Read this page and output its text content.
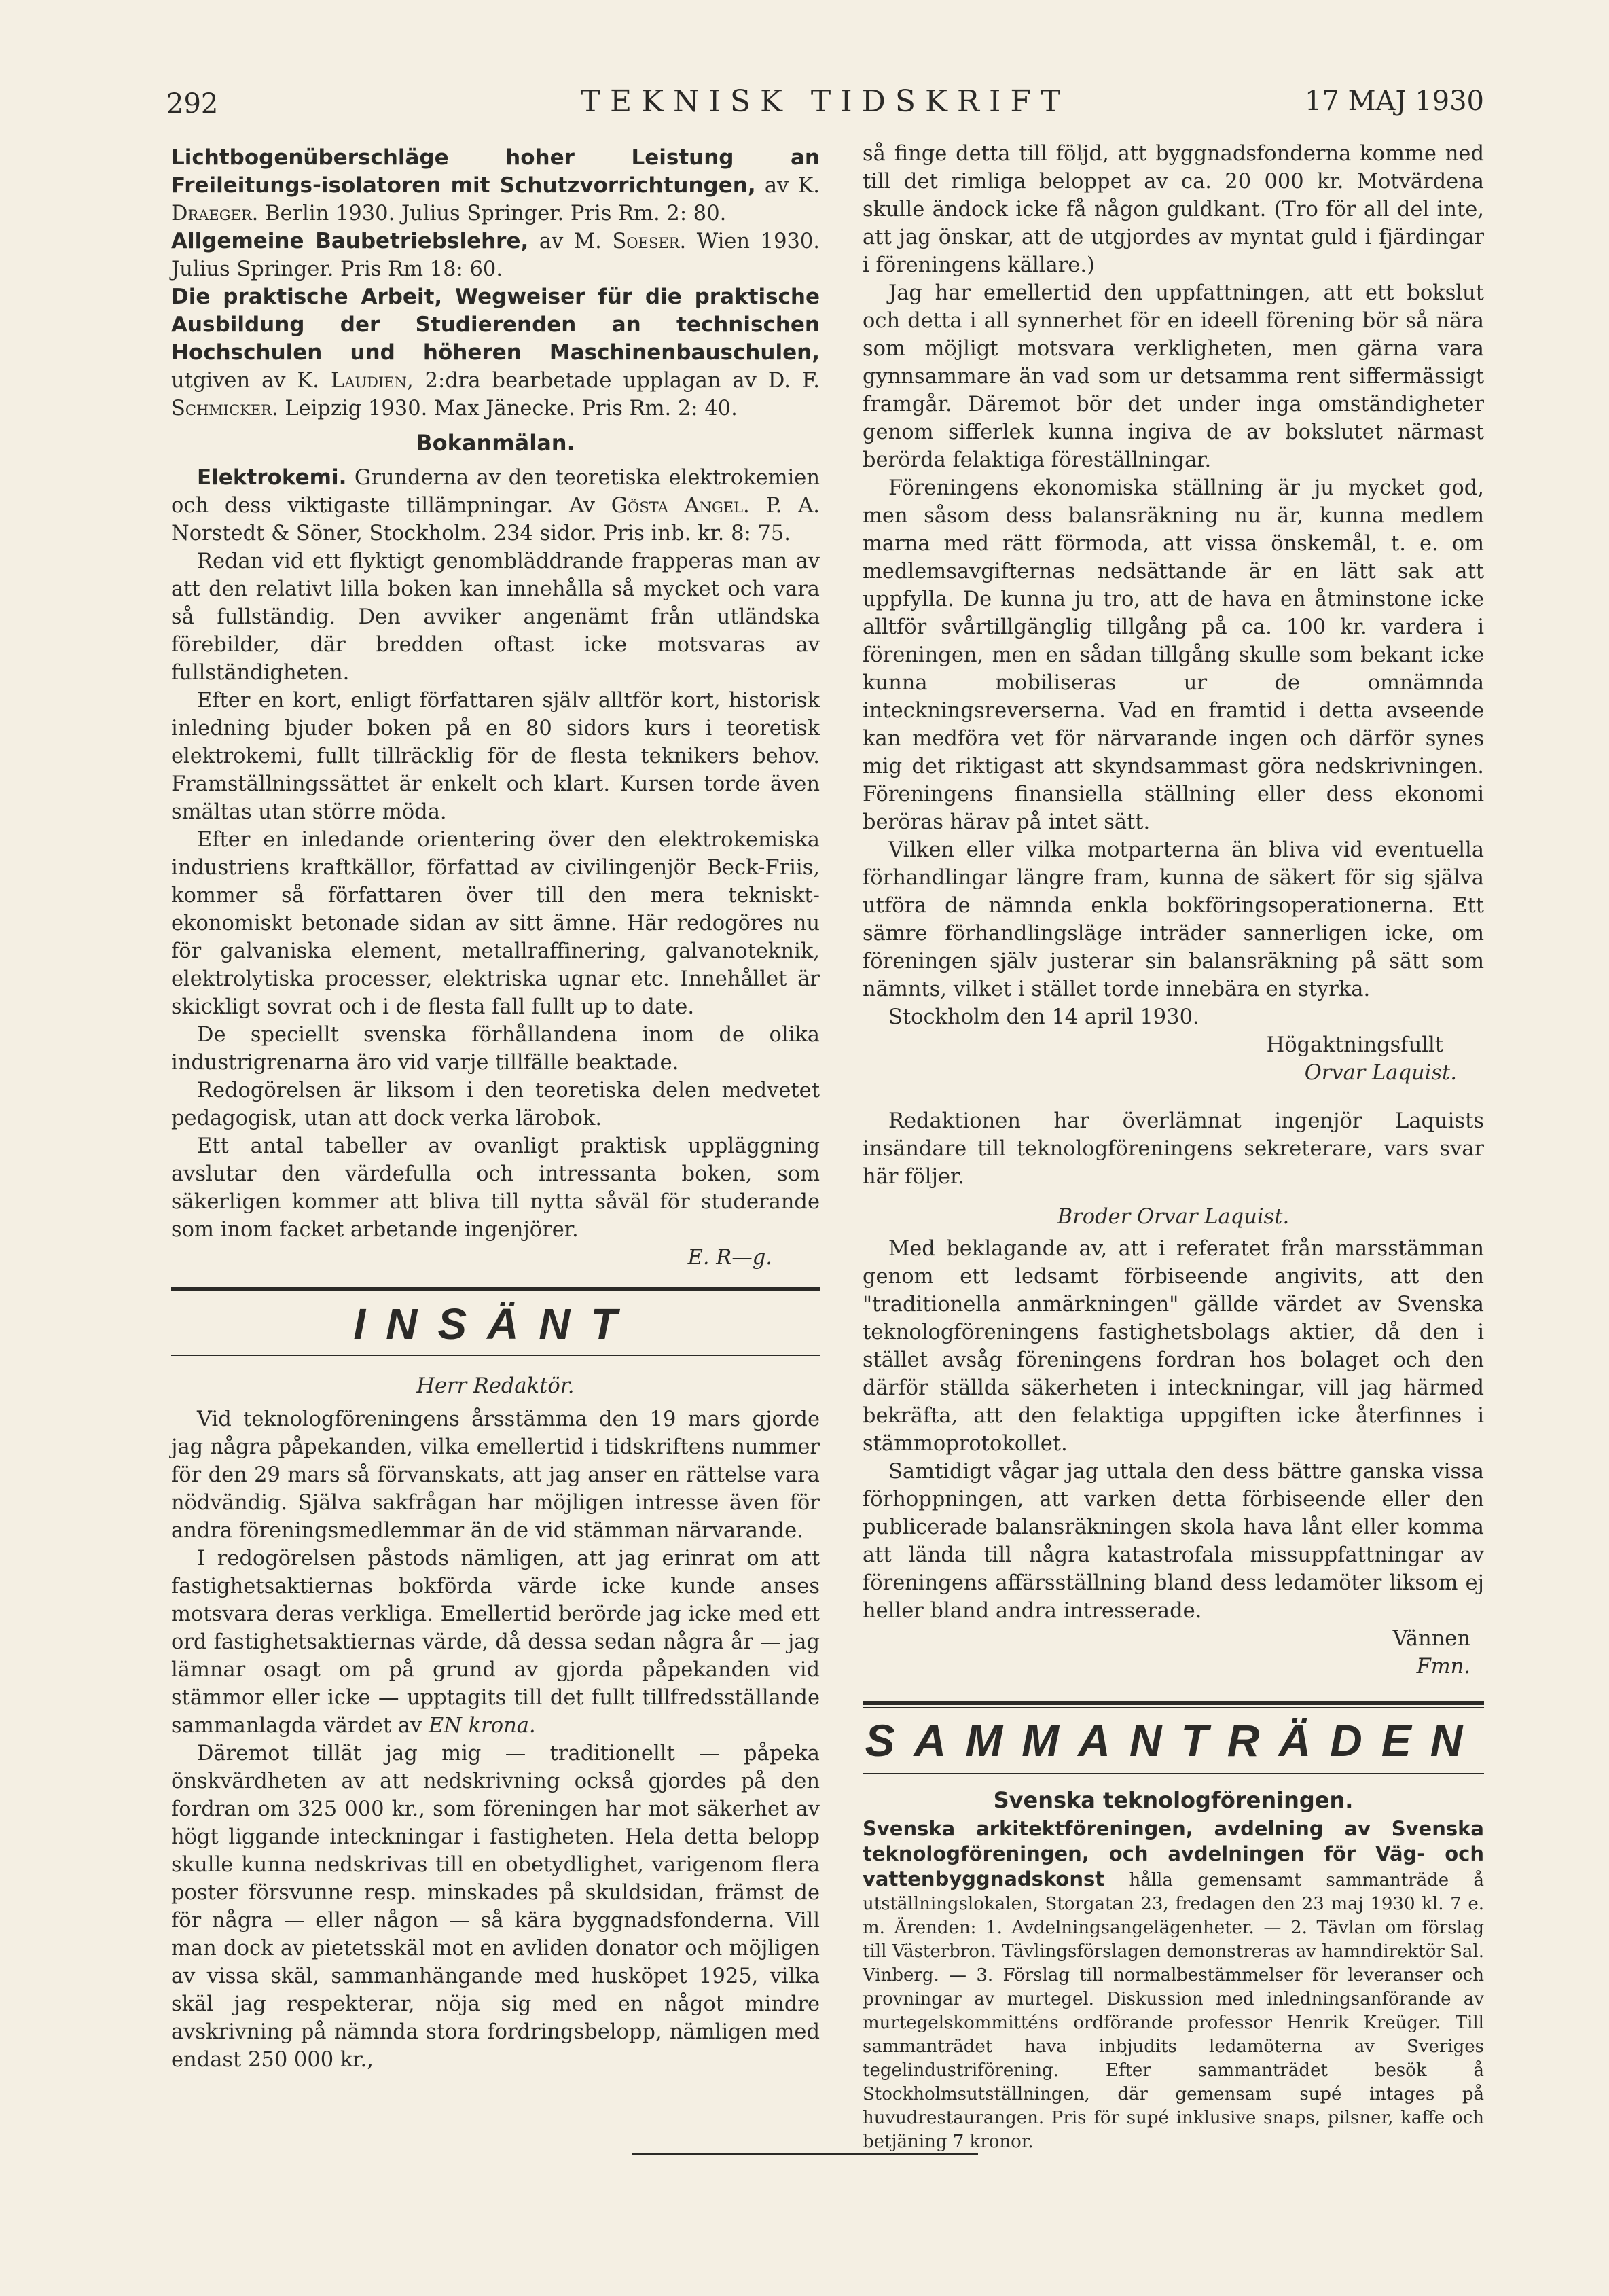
292	TEKNISK TIDSKRIFT	17 MAJ 1930

Lichtbogenüberschläge hoher Leistung an Freileitungs-isolatoren mit Schutzvorrichtungen, av K. Draeger. Berlin 1930. Julius Springer. Pris Rm. 2: 80.

Allgemeine Baubetriebslehre, av M. Soeser. Wien 1930. Julius Springer. Pris Rm 18: 60.

Die praktische Arbeit, Wegweiser für die praktische Ausbildung der Studierenden an technischen Hochschulen und höheren Maschinenbauschulen, utgiven av K. Laudien, 2:dra bearbetade upplagan av D. F. Schmicker. Leipzig 1930. Max Jänecke. Pris Rm. 2: 40.

Bokanmälan.

Elektrokemi. Grunderna av den teoretiska elektrokemien och dess viktigaste tillämpningar. Av Gösta Angel. P. A. Norstedt & Söner, Stockholm. 234 sidor. Pris inb. kr. 8: 75.

Redan vid ett flyktigt genombläddrande frapperas man av att den relativt lilla boken kan innehålla så mycket och vara så fullständig. Den avviker angenämt från utländska förebilder, där bredden oftast icke motsvaras av fullständigheten.

Efter en kort, enligt författaren själv alltför kort, historisk inledning bjuder boken på en 80 sidors kurs i teoretisk elektrokemi, fullt tillräcklig för de flesta teknikers behov. Framställningssättet är enkelt och klart. Kursen torde även smältas utan större möda.

Efter en inledande orientering över den elektrokemiska industriens kraftkällor, författad av civilingenjör Beck-Friis, kommer så författaren över till den mera tekniskt-ekonomiskt betonade sidan av sitt ämne. Här redogöres nu för galvaniska element, metallraffinering, galvanoteknik, elektrolytiska processer, elektriska ugnar etc. Innehållet är skickligt sovrat och i de flesta fall fullt up to date.

De speciellt svenska förhållandena inom de olika industrigrenarna äro vid varje tillfälle beaktade.

Redogörelsen är liksom i den teoretiska delen medvetet pedagogisk, utan att dock verka lärobok.

Ett antal tabeller av ovanligt praktisk uppläggning avslutar den värdefulla och intressanta boken, som säkerligen kommer att bliva till nytta såväl för studerande som inom facket arbetande ingenjörer.

E. R—g.

INSÄNT

Herr Redaktör.

Vid teknologföreningens årsstämma den 19 mars gjorde jag några påpekanden, vilka emellertid i tidskriftens nummer för den 29 mars så förvanskats, att jag anser en rättelse vara nödvändig. Själva sakfrågan har möjligen intresse även för andra föreningsmedlemmar än de vid stämman närvarande.

I redogörelsen påstods nämligen, att jag erinrat om att fastighetsaktiernas bokförda värde icke kunde anses motsvara deras verkliga. Emellertid berörde jag icke med ett ord fastighetsaktiernas värde, då dessa sedan några år — jag lämnar osagt om på grund av gjorda påpekanden vid stämmor eller icke — upptagits till det fullt tillfredsställande sammanlagda värdet av EN krona.

Däremot tillät jag mig — traditionellt — påpeka önskvärdheten av att nedskrivning också gjordes på den fordran om 325 000 kr., som föreningen har mot säkerhet av högt liggande inteckningar i fastigheten. Hela detta belopp skulle kunna nedskrivas till en obetydlighet, varigenom flera poster försvunne resp. minskades på skuldsidan, främst de för några — eller någon — så kära byggnadsfonderna. Vill man dock av pietetsskäl mot en avliden donator och möjligen av vissa skäl, sammanhängande med husköpet 1925, vilka skäl jag respekterar, nöja sig med en något mindre avskrivning på nämnda stora fordringsbelopp, nämligen med endast 250 000 kr.,

så finge detta till följd, att byggnadsfonderna komme ned till det rimliga beloppet av ca. 20 000 kr. Motvärdena skulle ändock icke få någon guldkant. (Tro för all del inte, att jag önskar, att de utgjordes av myntat guld i fjärdingar i föreningens källare.)

Jag har emellertid den uppfattningen, att ett bokslut och detta i all synnerhet för en ideell förening bör så nära som möjligt motsvara verkligheten, men gärna vara gynnsammare än vad som ur detsamma rent siffermässigt framgår. Däremot bör det under inga omständigheter genom sifferlek kunna ingiva de av bokslutet närmast berörda felaktiga föreställningar.

Föreningens ekonomiska ställning är ju mycket god, men såsom dess balansräkning nu är, kunna medlem marna med rätt förmoda, att vissa önskemål, t. e. om medlemsavgifternas nedsättande är en lätt sak att uppfylla. De kunna ju tro, att de hava en åtminstone icke alltför svårtillgänglig tillgång på ca. 100 kr. vardera i föreningen, men en sådan tillgång skulle som bekant icke kunna mobiliseras ur de omnämnda inteckningsreverserna. Vad en framtid i detta avseende kan medföra vet för närvarande ingen och därför synes mig det riktigast att skyndsammast göra nedskrivningen. Föreningens finansiella ställning eller dess ekonomi beröras härav på intet sätt.

Vilken eller vilka motparterna än bliva vid eventuella förhandlingar längre fram, kunna de säkert för sig själva utföra de nämnda enkla bokföringsoperationerna. Ett sämre förhandlingsläge inträder sannerligen icke, om föreningen själv justerar sin balansräkning på sätt som nämnts, vilket i stället torde innebära en styrka.

Stockholm den 14 april 1930.

Högaktningsfullt

Orvar Laquist.

Redaktionen har överlämnat ingenjör Laquists insändare till teknologföreningens sekreterare, vars svar här följer.

Broder Orvar Laquist.

Med beklagande av, att i referatet från marsstämman genom ett ledsamt förbiseende angivits, att den "traditionella anmärkningen" gällde värdet av Svenska teknologföreningens fastighetsbolags aktier, då den i stället avsåg föreningens fordran hos bolaget och den därför ställda säkerheten i inteckningar, vill jag härmed bekräfta, att den felaktiga uppgiften icke återfinnes i stämmoprotokollet.

Samtidigt vågar jag uttala den dess bättre ganska vissa förhoppningen, att varken detta förbiseende eller den publicerade balansräkningen skola hava lånt eller komma att lända till några katastrofala missuppfattningar av föreningens affärsställning bland dess ledamöter liksom ej heller bland andra intresserade.

Vännen

Fmn.

SAMMANTRÄDEN

Svenska teknologföreningen.

Svenska arkitektföreningen, avdelning av Svenska teknologföreningen, och avdelningen för Väg- och vattenbyggnadskonst hålla gemensamt sammanträde å utställningslokalen, Storgatan 23, fredagen den 23 maj 1930 kl. 7 e. m. Ärenden: 1. Avdelningsangelägenheter. — 2. Tävlan om förslag till Västerbron. Tävlingsförslagen demonstreras av hamndirektör Sal. Vinberg. — 3. Förslag till normalbestämmelser för leveranser och provningar av murtegel. Diskussion med inledningsanförande av murtegelskommitténs ordförande professor Henrik Kreüger. Till sammanträdet hava inbjudits ledamöterna av Sveriges tegelindustriförening. Efter sammanträdet besök å Stockholmsutställningen, där gemensam supé intages på huvudrestaurangen. Pris för supé inklusive snaps, pilsner, kaffe och betjäning 7 kronor.
